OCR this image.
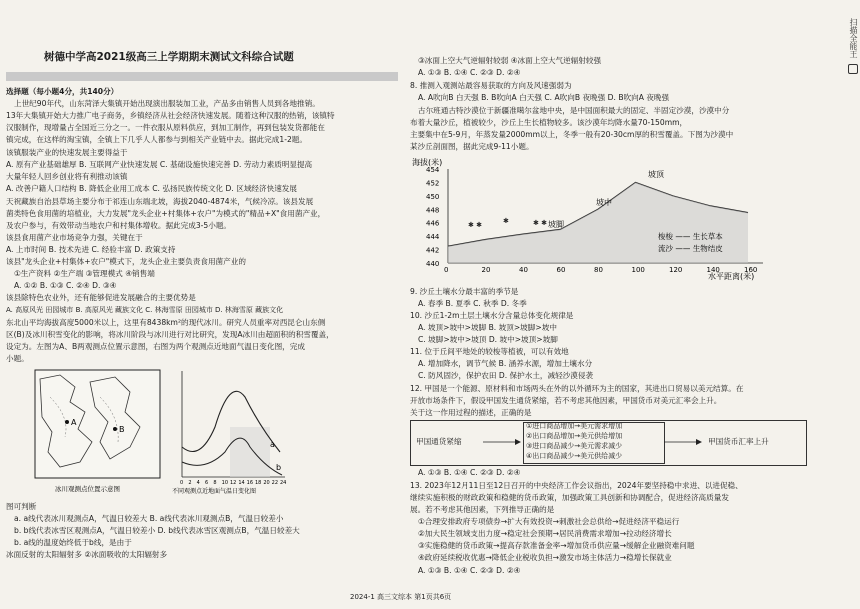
树德中学高2021级高三上学期期末测试文科综合试题
选择题（每小题4分，共140分）
上世纪90年代，山东菏泽大集镇开始出现演出服装加工业，产品多由销售人员到各地推销。
13年大集镇开始大力推广电子商务，乡镇经济从社会经济快速发展。随着这种汉服的热销，该镇特
汉服制作，现增量占全国近三分之一。一件衣服从原料供应，到加工制作，再到包装发货都能在
镇完成，在这样的淘宝镇，全镇上下几乎人人都参与到相关产业链中去。据此完成1-2题。
该镇服装产业的快速发展主要得益于
A. 原有产业基础雄厚 B. 互联网产业快速发展 C. 基础设施快速完善 D. 劳动力素质明显提高
大量年轻人回乡创业将有利推动该镇
A. 改善户籍人口结构 B. 降低企业用工成本 C. 弘扬民族传统文化 D. 区域经济快速发展
天祝藏族自治县草场主要分布于祁连山东端北坡，海拔2040-4874米，气候冷凉。该县发展
菌类特色食用菌的培植业，大力发展"龙头企业+村集体+农户"为模式的"精品+X"食用菌产业，
及农户参与，有效带动当地农户和村集体增收。据此完成3-5小题。
该县食用菌产业市场竞争力强，关键在于
A. 上市时间 B. 技术先进 C. 经验丰富 D. 政策支持
该县"龙头企业+村集体+农户"模式下，龙头企业主要负责食用菌产业的
①生产资料 ②生产端 ③管理模式 ④销售端
A. ①② B. ①③ C. ②④ D. ③④
该县除特色农业外，还有能够促进发展融合的主要优势是
A. 高原风光 田园城市 B. 高原风光 藏族文化 C. 林海雪原 田园城市 D. 林海雪原 藏族文化
东北山平均海拔高度5000米以上，这里有8438km²的现代冰川。研究人员重率对西昆仑山东侧
区(B)及冰川积雪变化的影响，将冰川阶段与冰川进行对比研究，发现A冰川由超面积的积雪覆盖，
设定为。左图为A、B两观测点位置示意图，右图为两个观测点近地面气温日变化图，完成
小题。
A
B
冰川观测点位置示意图
a
b
0 2 4 6 8 10 12 14 16 18 20 22 24
不同观测点近地面气温日变化图
图可判断
a. a线代表冰川观测点A，气温日较差大 B. a线代表冰川观测点B，气温日较差小
b. b线代表冰雪区观测点A，气温日较差小 D. b线代表冰雪区观测点B，气温日较差大
b. a线的温度始终低于b线，是由于
冰面反射的太阳辐射多 ②冰面吸收的太阳辐射多
③冰面上空大气逆辐射较弱 ④冰面上空大气逆辐射较强
A. ①③ B. ①④ C. ②③ D. ②④
8. 推测入观测站最容易获取的方向及风速强弱为
A. A吹向B 白天强 B. B吹向A 白天强 C. A吹向B 夜晚强 D. B吹向A 夜晚强
古尔班通古特沙漠位于新疆准噶尔盆地中央，是中国面积最大的固定、半固定沙漠，沙漠中分
布着大量沙丘，植被较少，沙丘上生长植物较多。该沙漠年均降水量70-150mm，
主要集中在5-9月，年蒸发量2000mm以上，冬季一般有20-30cm厚的积雪覆盖。下图为沙漠中
某沙丘剖面图，据此完成9-11小题。
海拔(米)
454
452
450
448
446
444
442
440
0	20	40	60	80	100	120	140	160
✱ ✱	✱	✱ ✱
坡顶
坡中
坡脚
梭梭 —— 生长草本
流沙 —— 生物结皮
水平距离(米)
9. 沙丘土壤水分最丰富的季节是
A. 春季 B. 夏季 C. 秋季 D. 冬季
10. 沙丘1-2m土层土壤水分含量总体变化规律是
A. 坡顶>坡中>坡脚 B. 坡顶>坡脚>坡中
C. 坡脚>坡中>坡顶 D. 坡中>坡顶>坡脚
11. 位于丘间平地处的较梭等植被，可以有效地
A. 增加降水，调节气候 B. 涵养水源，增加土壤水分
C. 防风固沙，保护农田 D. 保护水土，减轻沙漠侵袭
12. 甲国是一个能源、原材料和市场两头在外的以外循环为主的国家，其进出口贸易以美元结算。在
开放市场条件下，假设甲国发生通货紧缩，若不考虑其他因素，甲国货币对美元汇率会上升。
关于这一作用过程的描述，正确的是
甲国通货紧缩
①进口商品增加→美元需求增加
②出口商品增加→美元供给增加
③进口商品减少→美元需求减少
④出口商品减少→美元供给减少
甲国货币汇率上升
A. ①③ B. ①④ C. ②③ D. ②④
13. 2023年12月11日至12日召开的中央经济工作会议指出，2024年要坚持稳中求进、以进促稳、
继续实施积极的财政政策和稳健的货币政策，加强政策工具创新和协调配合，促进经济高质量发
展。若不考虑其他因素，下列推导正确的是
①合理安排政府专项债券→扩大有效投资→刺激社会总供给→促进经济平稳运行
②加大民生领域支出力度→稳定社会预期→居民消费需求增加→拉动经济增长
③实施稳健的货币政策→提高存款准备金率→增加货币供应量→缓解企业融资难问题
④政府延续税收优惠→降低企业税收负担→激发市场主体活力→稳增长保就业
A. ①③ B. ①④ C. ②③ D. ②④
2024-1 高三文综本 第1页共6页
扫描全能王
